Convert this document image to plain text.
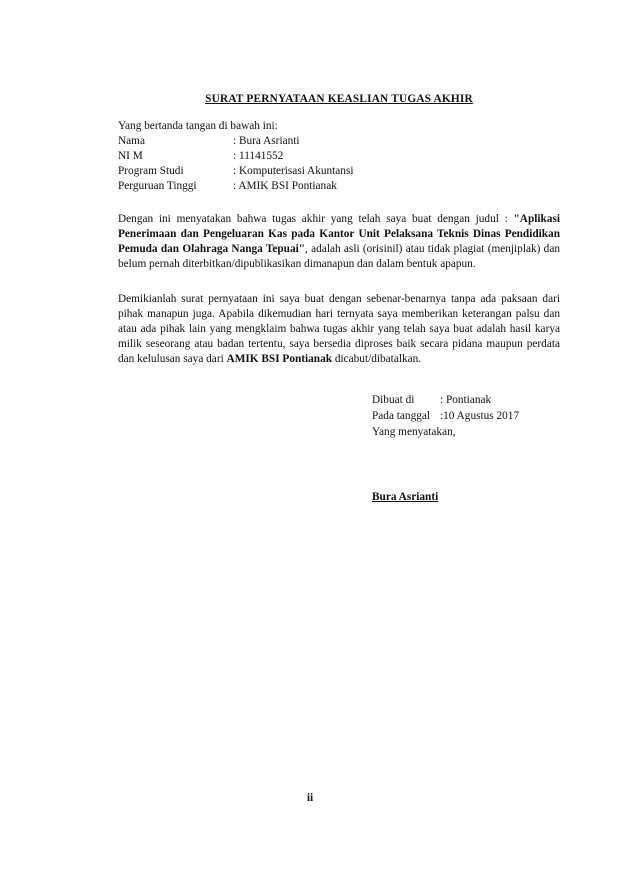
SURAT PERNYATAAN KEASLIAN TUGAS AKHIR
Yang bertanda tangan di bawah ini:
Nama	: Bura Asrianti
NI M	: 11141552
Program Studi	: Komputerisasi Akuntansi
Perguruan Tinggi	: AMIK BSI Pontianak

Dengan ini menyatakan bahwa tugas akhir yang telah saya buat dengan judul : "Aplikasi Penerimaan dan Pengeluaran Kas pada Kantor Unit Pelaksana Teknis Dinas Pendidikan Pemuda dan Olahraga Nanga Tepuai", adalah asli (orisinil) atau tidak plagiat (menjiplak) dan belum pernah diterbitkan/dipublikasikan dimanapun dan dalam bentuk apapun.

Demikianlah surat pernyataan ini saya buat dengan sebenar-benarnya tanpa ada paksaan dari pihak manapun juga. Apabila dikemudian hari ternyata saya memberikan keterangan palsu dan atau ada pihak lain yang mengklaim bahwa tugas akhir yang telah saya buat adalah hasil karya milik seseorang atau badan tertentu, saya bersedia diproses baik secara pidana maupun perdata dan kelulusan saya dari AMIK BSI Pontianak dicabut/dibatalkan.

Dibuat di	: Pontianak
Pada tanggal :10 Agustus 2017
Yang menyatakan,
Bura Asrianti
ii
